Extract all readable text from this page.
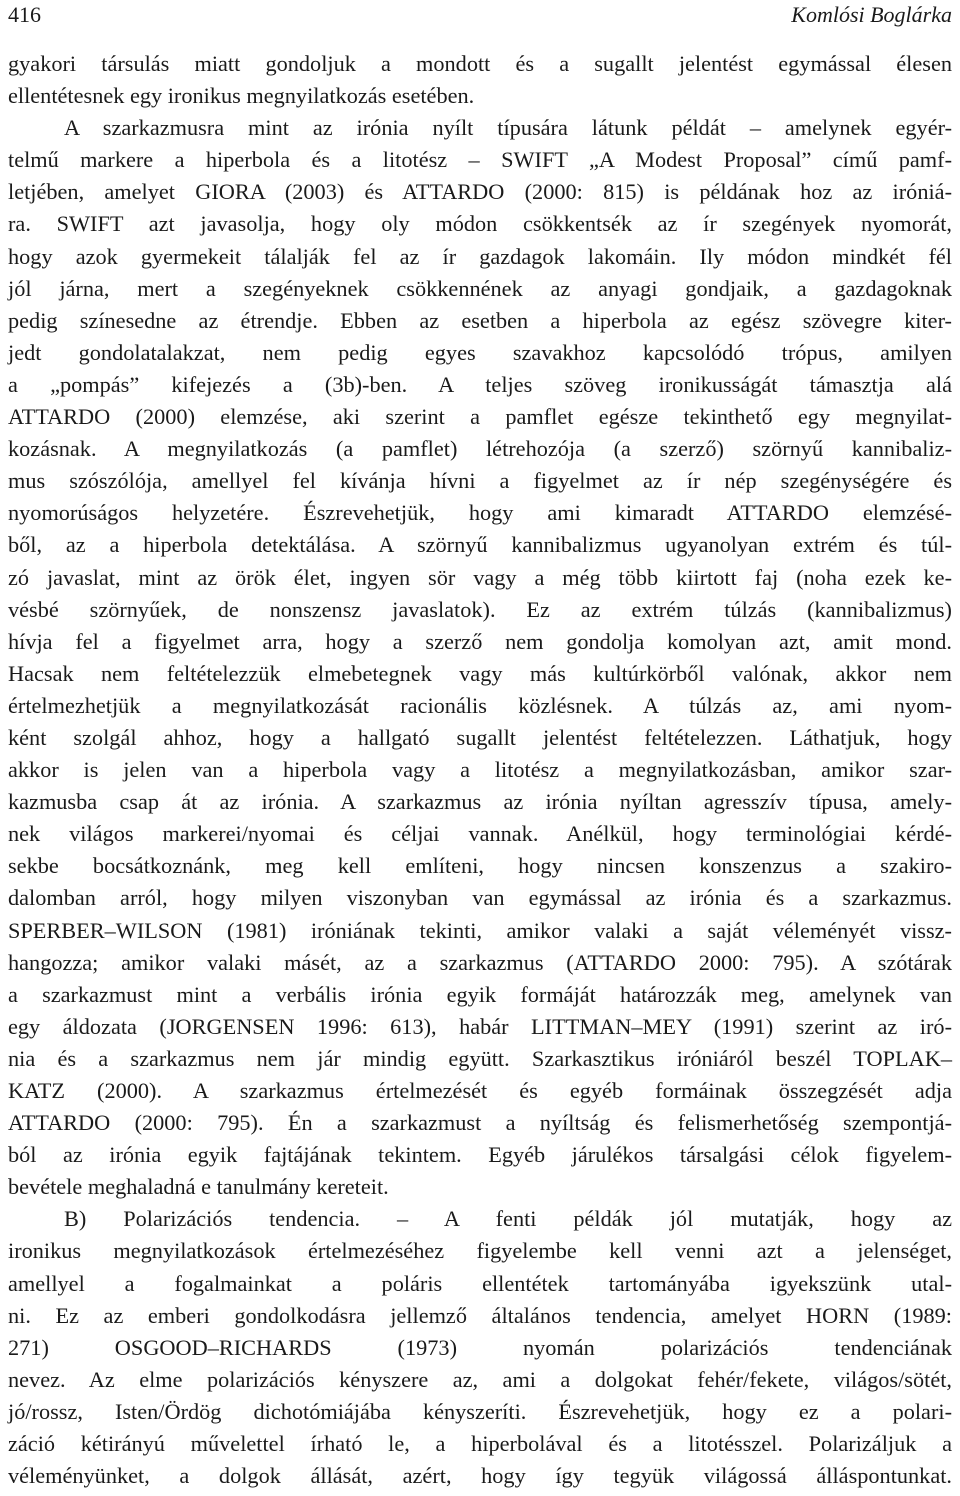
416	Komlósi Boglárka
gyakori társulás miatt gondoljuk a mondott és a sugallt jelentést egymással élesen
ellentétesnek egy ironikus megnyilatkozás esetében.
A szarkazmusra mint az irónia nyílt típusára látunk példát – amelynek egyér-
telmű markere a hiperbola és a litotész – SWIFT „A Modest Proposal” című pamf-
letjében, amelyet GIORA (2003) és ATTARDO (2000: 815) is példának hoz az iróniá-
ra. SWIFT azt javasolja, hogy oly módon csökkentsék az ír szegények nyomorát,
hogy azok gyermekeit tálalják fel az ír gazdagok lakomáin. Ily módon mindkét fél
jól járna, mert a szegényeknek csökkennének az anyagi gondjaik, a gazdagoknak
pedig színesedne az étrendje. Ebben az esetben a hiperbola az egész szövegre kiter-
jedt gondolatalakzat, nem pedig egyes szavakhoz kapcsolódó trópus, amilyen
a „pompás” kifejezés a (3b)-ben. A teljes szöveg ironikusságát támasztja alá
ATTARDO (2000) elemzése, aki szerint a pamflet egésze tekinthető egy megnyilat-
kozásnak. A megnyilatkozás (a pamflet) létrehozója (a szerző) szörnyű kannibaliz-
mus szószólója, amellyel fel kívánja hívni a figyelmet az ír nép szegénységére és
nyomorúságos helyzetére. Észrevehetjük, hogy ami kimaradt ATTARDO elemzésé-
ből, az a hiperbola detektálása. A szörnyű kannibalizmus ugyanolyan extrém és túl-
zó javaslat, mint az örök élet, ingyen sör vagy a még több kiirtott faj (noha ezek ke-
vésbé szörnyűek, de nonszensz javaslatok). Ez az extrém túlzás (kannibalizmus)
hívja fel a figyelmet arra, hogy a szerző nem gondolja komolyan azt, amit mond.
Hacsak nem feltételezzük elmebetegnek vagy más kultúrkörből valónak, akkor nem
értelmezhetjük a megnyilatkozását racionális közlésnek. A túlzás az, ami nyom-
ként szolgál ahhoz, hogy a hallgató sugallt jelentést feltételezzen. Láthatjuk, hogy
akkor is jelen van a hiperbola vagy a litotész a megnyilatkozásban, amikor szar-
kazmusba csap át az irónia. A szarkazmus az irónia nyíltan agresszív típusa, amely-
nek világos markerei/nyomai és céljai vannak. Anélkül, hogy terminológiai kérdé-
sekbe bocsátkoznánk, meg kell említeni, hogy nincsen konszenzus a szakiro-
dalomban arról, hogy milyen viszonyban van egymással az irónia és a szarkazmus.
SPERBER–WILSON (1981) iróniának tekinti, amikor valaki a saját véleményét vissz-
hangozza; amikor valaki másét, az a szarkazmus (ATTARDO 2000: 795). A szótárak
a szarkazmust mint a verbális irónia egyik formáját határozzák meg, amelynek van
egy áldozata (JORGENSEN 1996: 613), habár LITTMAN–MEY (1991) szerint az iró-
nia és a szarkazmus nem jár mindig együtt. Szarkasztikus iróniáról beszél TOPLAK–
KATZ (2000). A szarkazmus értelmezését és egyéb formáinak összegzését adja
ATTARDO (2000: 795). Én a szarkazmust a nyíltság és felismerhetőség szempontjá-
ból az irónia egyik fajtájának tekintem. Egyéb járulékos társalgási célok figyelem-
bevétele meghaladná e tanulmány kereteit.
B) Polarizációs tendencia. – A fenti példák jól mutatják, hogy az
ironikus megnyilatkozások értelmezéséhez figyelembe kell venni azt a jelenséget,
amellyel a fogalmainkat a poláris ellentétek tartományába igyekszünk utal-
ni. Ez az emberi gondolkodásra jellemző általános tendencia, amelyet HORN (1989:
271) OSGOOD–RICHARDS (1973) nyomán polarizációs tendenciának
nevez. Az elme polarizációs kényszere az, ami a dolgokat fehér/fekete, világos/sötét,
jó/rossz, Isten/Ördög dichotómiájába kényszeríti. Észrevehetjük, hogy ez a polari-
záció kétirányú művelettel írható le, a hiperbolával és a litotésszel. Polarizáljuk a
véleményünket, a dolgok állását, azért, hogy így tegyük világossá álláspontunkat.
